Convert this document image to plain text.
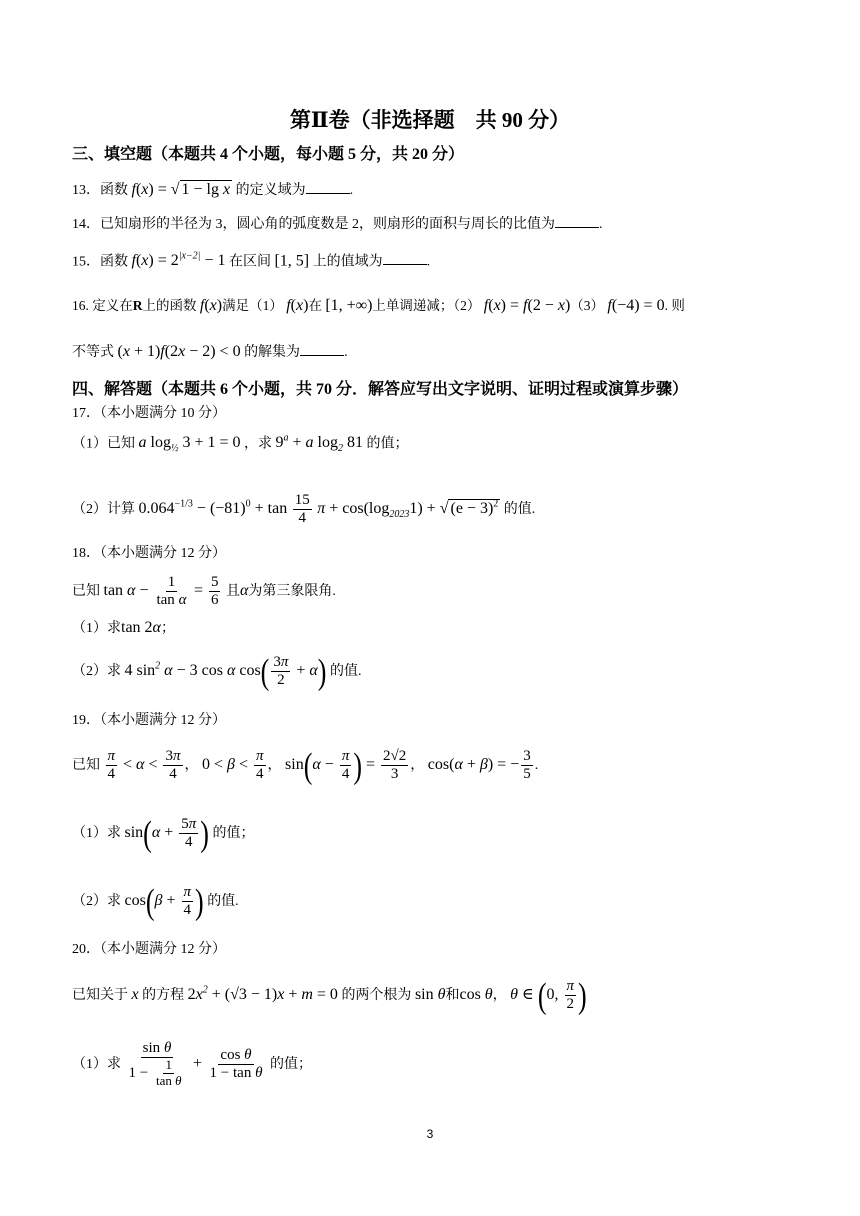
第Ⅱ卷（非选择题　共 90 分）
三、填空题（本题共 4 个小题，每小题 5 分，共 20 分）
13．函数 f(x) = √ 1 − lg x 的定义域为	.
14．已知扇形的半径为 3，圆心角的弧度数是 2，则扇形的面积与周长的比值为	.
15．函数 $f(x) = 2^{|x-2|} - 1$ 在区间 [1, 5] 上的值域为	.
16. 定义在R上的函数 f(x)满足（1） f(x)在 [1, +∞)上单调递减；（2） f(x) = f(2 − x)（3） f(−4) = 0. 则
不等式 (x + 1)f(2x − 2) < 0 的解集为	.
四、解答题（本题共 6 个小题，共 70 分．解答应写出文字说明、证明过程或演算步骤）
17．（本小题满分 10 分）
（1）已知 a $\log_{\frac{1}{2}} 3 + 1 = 0$ ，求 $9^a + a$ $\log_2 81$ 的值；
（2）计算 $0.064^{-1/3} - (-81)^0 + \tan \frac{15}{4}$ $\pi + \cos(\log_{2023}1)$ + √ $(e - 3)^2$ 的值.
18．（本小题满分 12 分）
已知 $\tan \alpha - \frac{1}{\text{tan α}} = \frac{5}{6}$ 且α为第三象限角.
（1）求tan 2α；
（2）求 4 $\sin^2 \alpha - 3$ cos α $\cos( \frac{3\pi}{2} + \alpha)$ 的值.
19．（本小题满分 12 分）
已知 $\frac{\pi}{4} < \alpha < \frac{3\pi}{4}$ ， $0 < \beta < \frac{\pi}{4}$ ， $\sin(\alpha - \frac{\pi}{4}$ ) = $\frac{2√2}{3}$ ， cos(α + β) = − $\frac{3}{5}$ .
（1）求 $\sin(\alpha + \frac{5\pi}{4}$ ) 的值；
（2）求 $\cos(\beta + \frac{\pi}{4}$ ) 的值.
20．（本小题满分 12 分）
已知关于 x 的方程 $2x^2 + (√3 - 1)x + m = 0$ 的两个根为 sin θ和cos θ， θ ∈ (0, $\frac{\pi}{2}$ )
（1）求 $\frac{\text{sin θ}}{1 - \frac{1}{\text{tan θ}}} + \frac{\text{cos θ}}{\text{1 − tan θ}}$ 的值；
3
